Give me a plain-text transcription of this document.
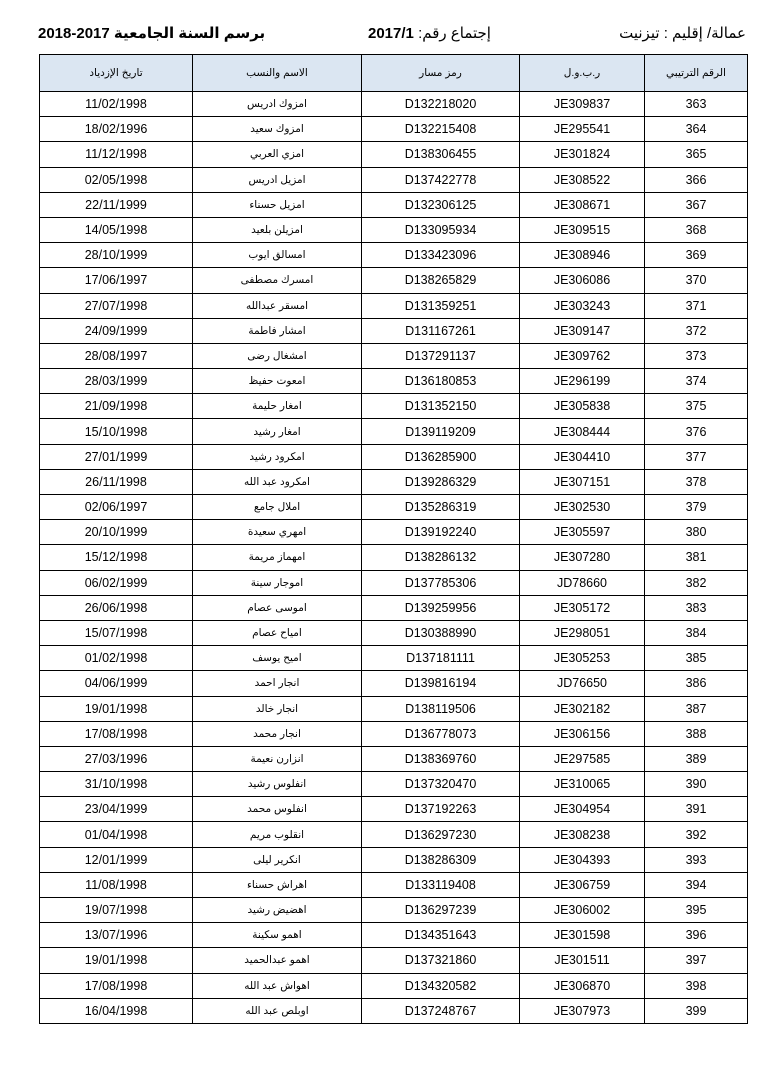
برسم السنة الجامعية 2018-2017	إجتماع رقم: 2017/1	عمالة/ إقليم : تيزنيت
تاريخ الإزدياد	الاسم والنسب	رمز مسار	ر.ب.و.ل	الرقم الترتيبي
11/02/1998	امزوك ادريس	D132218020	JE309837	363
18/02/1996	امزوك سعيد	D132215408	JE295541	364
11/12/1998	امزي العربي	D138306455	JE301824	365
02/05/1998	امزيل ادريس	D137422778	JE308522	366
22/11/1999	امزيل حسناء	D132306125	JE308671	367
14/05/1998	امزيلن بلعيد	D133095934	JE309515	368
28/10/1999	امسالق ايوب	D133423096	JE308946	369
17/06/1997	امسرك مصطفى	D138265829	JE306086	370
27/07/1998	امسقر عبدالله	D131359251	JE303243	371
24/09/1999	امشار فاطمة	D131167261	JE309147	372
28/08/1997	امشغال رضى	D137291137	JE309762	373
28/03/1999	امعوت حفيظ	D136180853	JE296199	374
21/09/1998	امغار حليمة	D131352150	JE305838	375
15/10/1998	امغار رشيد	D139119209	JE308444	376
27/01/1999	امكرود رشيد	D136285900	JE304410	377
26/11/1998	امكرود عبد الله	D139286329	JE307151	378
02/06/1997	املال جامع	D135286319	JE302530	379
20/10/1999	امهري سعيدة	D139192240	JE305597	380
15/12/1998	امهماز مريمة	D138286132	JE307280	381
06/02/1999	اموجار سينة	D137785306	JD78660	382
26/06/1998	اموسى عصام	D139259956	JE305172	383
15/07/1998	امياح عصام	D130388990	JE298051	384
01/02/1998	اميح يوسف	D137181111	JE305253	385
04/06/1999	انجار احمد	D139816194	JD76650	386
19/01/1998	انجار خالد	D138119506	JE302182	387
17/08/1998	انجار محمد	D136778073	JE306156	388
27/03/1996	انزارن نعيمة	D138369760	JE297585	389
31/10/1998	انفلوس رشيد	D137320470	JE310065	390
23/04/1999	انفلوس محمد	D137192263	JE304954	391
01/04/1998	انقلوب مريم	D136297230	JE308238	392
12/01/1999	انكرير ليلى	D138286309	JE304393	393
11/08/1998	اهراش حسناء	D133119408	JE306759	394
19/07/1998	اهضيض رشيد	D136297239	JE306002	395
13/07/1996	اهمو سكينة	D134351643	JE301598	396
19/01/1998	اهمو عبدالحميد	D137321860	JE301511	397
17/08/1998	اهواش عبد الله	D134320582	JE306870	398
16/04/1998	اوبلص عبد الله	D137248767	JE307973	399
